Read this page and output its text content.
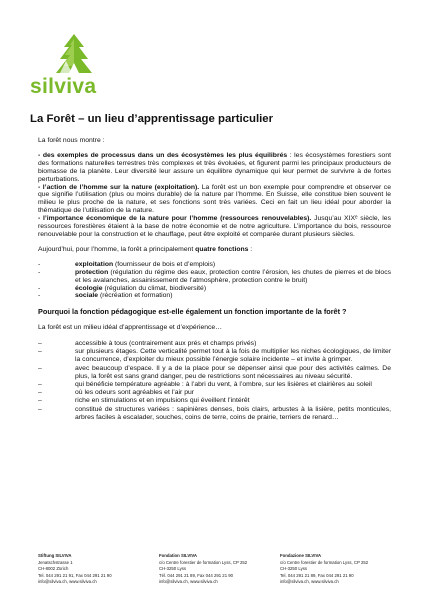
silviva
La Forêt – un lieu d’apprentissage particulier

La forêt nous montre :

- des exemples de processus dans un des écosystèmes les plus équilibrés : les écosystèmes forestiers sont des formations naturelles terrestres très complexes et très évoluées, et figurent parmi les principaux producteurs de biomasse de la planète. Leur diversité leur assure un équilibre dynamique qui leur permet de survivre à de fortes perturbations.

- l’action de l’homme sur la nature (exploitation). La forêt est un bon exemple pour comprendre et observer ce que signifie l’utilisation (plus ou moins durable) de la nature par l’homme. En Suisse, elle constitue bien souvent le milieu le plus proche de la nature, et ses fonctions sont très variées. Ceci en fait un lieu idéal pour aborder la thématique de l’utilisation de la nature.

- l’importance économique de la nature pour l’homme (ressources renouvelables). Jusqu’au XIXᵉ siècle, les ressources forestières étaient à la base de notre économie et de notre agriculture. L’importance du bois, ressource renouvelable pour la construction et le chauffage, peut être exploité et comparée durant plusieurs siècles.

Aujourd’hui, pour l’homme, la forêt a principalement quatre fonctions :

-	exploitation (fournisseur de bois et d’emplois)
-	protection (régulation du régime des eaux, protection contre l’érosion, les chutes de pierres et de blocs et les avalanches, assainissement de l’atmosphère, protection contre le bruit)
-	écologie (régulation du climat, biodiversité)
-	sociale (récréation et formation)

Pourquoi la fonction pédagogique est-elle également un fonction importante de la forêt ?

La forêt est un milieu idéal d’apprentissage et d’expérience…

–	accessible à tous (contrairement aux prés et champs privés)
–	sur plusieurs étages. Cette verticalité permet tout à la fois de multiplier les niches écologiques, de limiter la concurrence, d’exploiter du mieux possible l’énergie solaire incidente – et invite à grimper.
–	avec beaucoup d’espace. Il y a de la place pour se dépenser ainsi que pour des activités calmes. De plus, la forêt est sans grand danger, peu de restrictions sont nécessaires au niveau sécurité.
–	qui bénéficie température agréable : à l’abri du vent, à l’ombre, sur les lisières et clairières au soleil
–	où les odeurs sont agréables et l’air pur
–	riche en stimulations et en impulsions qui éveillent l’intérêt
–	constitué de structures variées : sapinières denses, bois clairs, arbustes à la lisière, petits monticules, arbres faciles à escalader, souches, coins de terre, coins de prairie, terriers de renard…
Stiftung SILVIVA
Jenatschstrasse 1
CH-8002 Zürich
Tel. 044 291 21 91, Fax 044 291 21 90
info@silviva.ch, www.silviva.ch
Fondation SILVIVA
c/o Centre forestier de formation Lyss, CP 252
CH-3250 Lyss
Tél. 044 291 21 89, Fax 044 291 21 90
info@silviva.ch, www.silviva.ch
Fondazione SILVIVA
c/o Centre forestier de formation Lyss, CP 252
CH-3250 Lyss
Tel. 044 291 21 89, Fax 044 291 21 90
info@silviva.ch, www.silviva.ch
